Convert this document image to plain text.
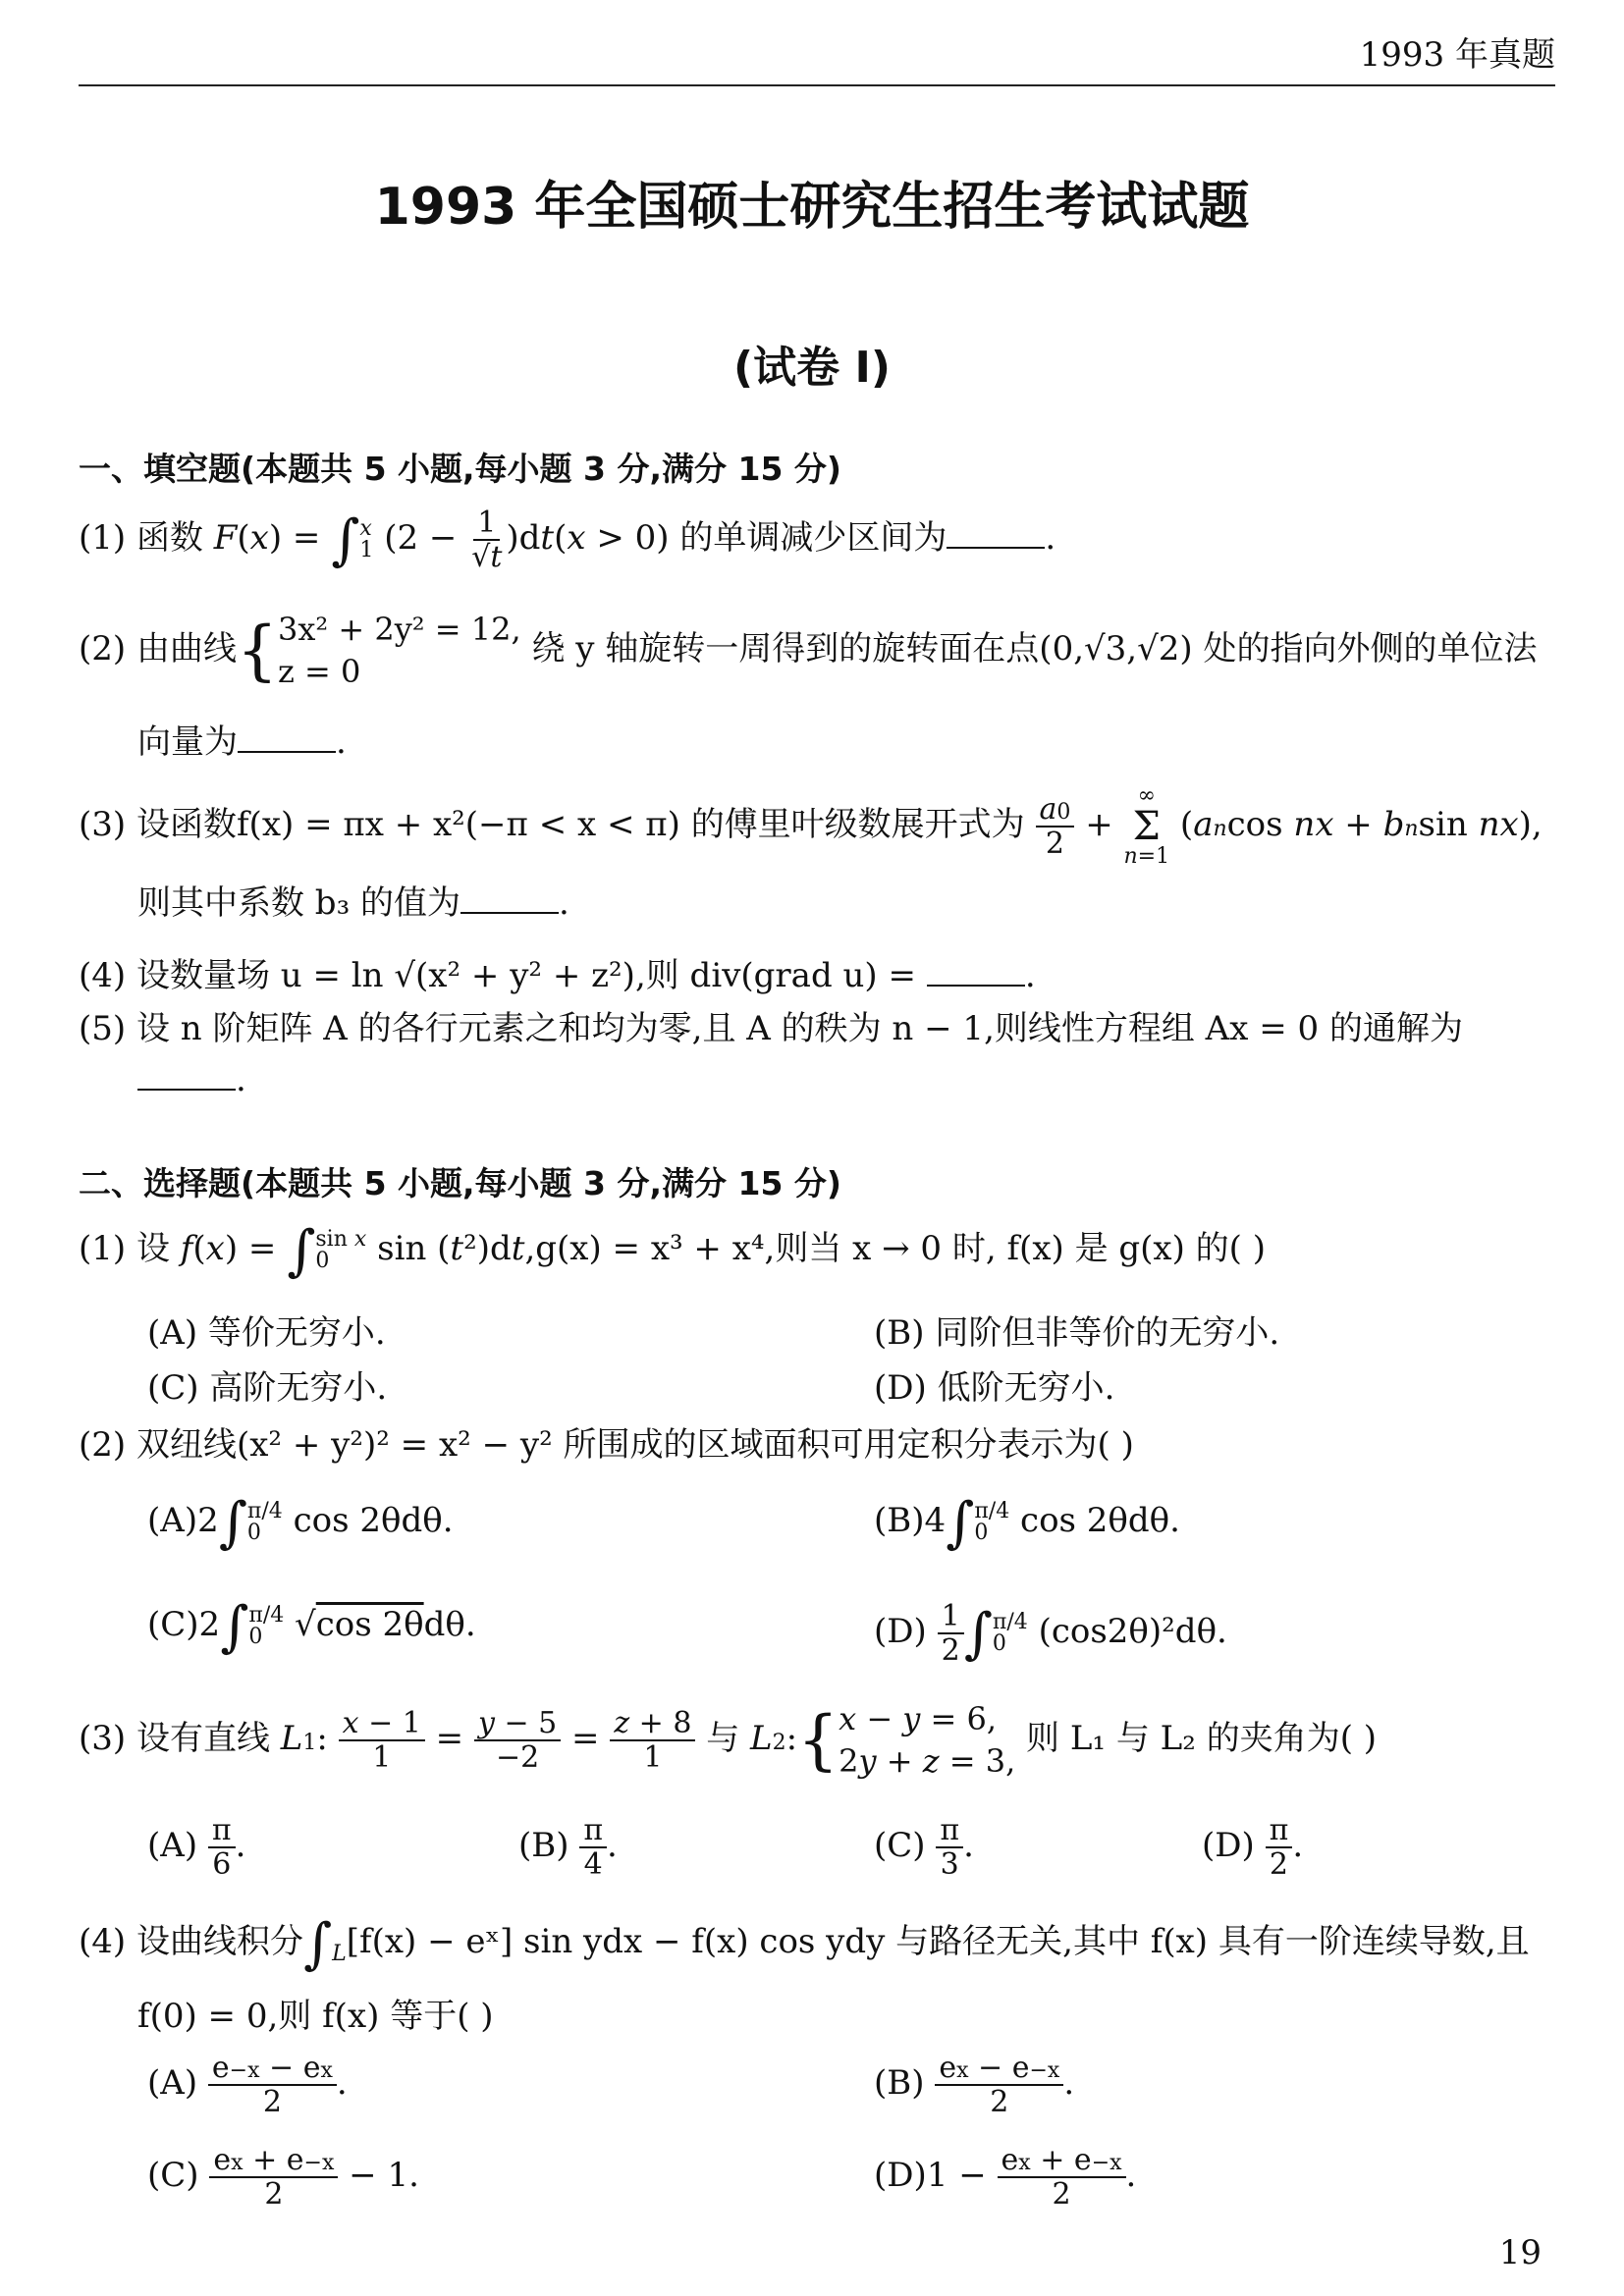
1993 年真题
1993 年全国硕士研究生招生考试试题
(试卷 Ⅰ)
一、填空题(本题共 5 小题,每小题 3 分,满分 15 分)
(1) 函数 F(x) = ∫ x
1 $(2 - \frac{1}{√t} )dt(x > 0)$ 的单调减少区间为	.
(2) 由曲线{ 3x² + 2y² = 12,
z = 0
绕 y 轴旋转一周得到的旋转面在点(0,√3,√2) 处的指向外侧的单位法
向量为	.
(3) 设函数f(x) = πx + x²(−π < x < π) 的傅里叶级数展开式为 $\frac{a0}{2}$ +
∞
Σ
n=1
(ancos nx + bnsin nx),
则其中系数 b₃ 的值为	.
(4) 设数量场 u = ln √(x² + y² + z²),则 div(grad u) =	.
(5) 设 n 阶矩阵 A 的各行元素之和均为零,且 A 的秩为 n − 1,则线性方程组 Ax = 0 的通解为
.
二、选择题(本题共 5 小题,每小题 3 分,满分 15 分)
(1) 设 f(x) = ∫ sin x
0	sin (t²)dt,g(x) = x³ + x⁴,则当 x → 0 时, f(x) 是 g(x) 的( )
(A) 等价无穷小.	(B) 同阶但非等价的无穷小.
(C) 高阶无穷小.	(D) 低阶无穷小.
(2) 双纽线(x² + y²)² = x² − y² 所围成的区域面积可用定积分表示为( )
(A)2∫ π/4
0 cos 2θdθ.	(B)4∫ π/4
0 cos 2θdθ.
(C)2∫ π/4
0 √cos 2θdθ.	$(D) \frac{1}{2}$ ∫ π/4
0 (cos2θ)²dθ.
(3) 设有直线 L1: $\frac{x - 1}{1} = \frac{y - 5}{-2} = \frac{z + 8}{1}$ 与 L2:{ x − y = 6,
2y + z = 3,
则 L₁ 与 L₂ 的夹角为( )
$(A) \frac{\pi}{6}$ .	$(B) \frac{\pi}{4}$ .	$(C) \frac{\pi}{3}$ .	$(D) \frac{\pi}{2}$ .
(4) 设曲线积分∫
L [f(x) − eˣ] sin ydx − f(x) cos ydy 与路径无关,其中 f(x) 具有一阶连续导数,且
f(0) = 0,则 f(x) 等于( )
$(A) \frac{e-x - ex}{2}$ .	$(B) \frac{ex - e-x}{2}$ .
$(C) \frac{ex + e-x}{2} - 1$.	$(D)1 - \frac{ex + e-x}{2}$ .
19
